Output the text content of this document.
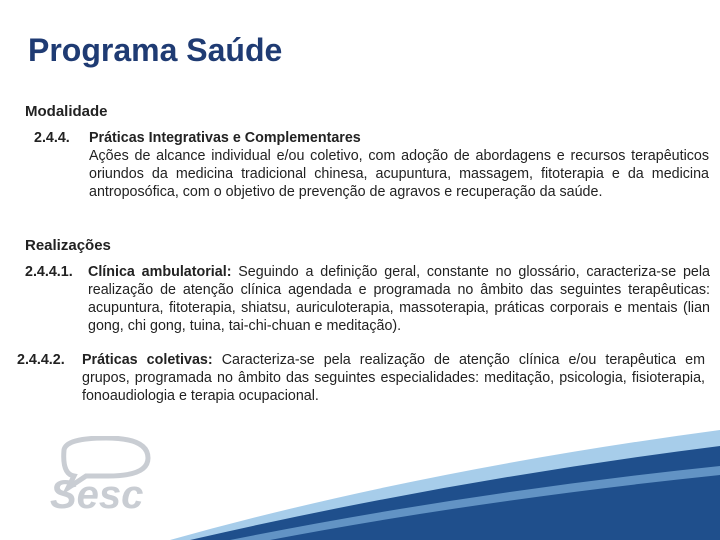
Programa Saúde
Modalidade
2.4.4. Práticas Integrativas e Complementares
Ações de alcance individual e/ou coletivo, com adoção de abordagens e recursos terapêuticos oriundos da medicina tradicional chinesa, acupuntura, massagem, fitoterapia e da medicina antroposófica, com o objetivo de prevenção de agravos e recuperação da saúde.
Realizações
2.4.4.1. Clínica ambulatorial: Seguindo a definição geral, constante no glossário, caracteriza-se pela realização de atenção clínica agendada e programada no âmbito das seguintes terapêuticas: acupuntura, fitoterapia, shiatsu, auriculoterapia, massoterapia, práticas corporais e mentais (lian gong, chi gong, tuina, tai-chi-chuan e meditação).
2.4.4.2. Práticas coletivas: Caracteriza-se pela realização de atenção clínica e/ou terapêutica em grupos, programada no âmbito das seguintes especialidades: meditação, psicologia, fisioterapia, fonoaudiologia e terapia ocupacional.
Sesc
